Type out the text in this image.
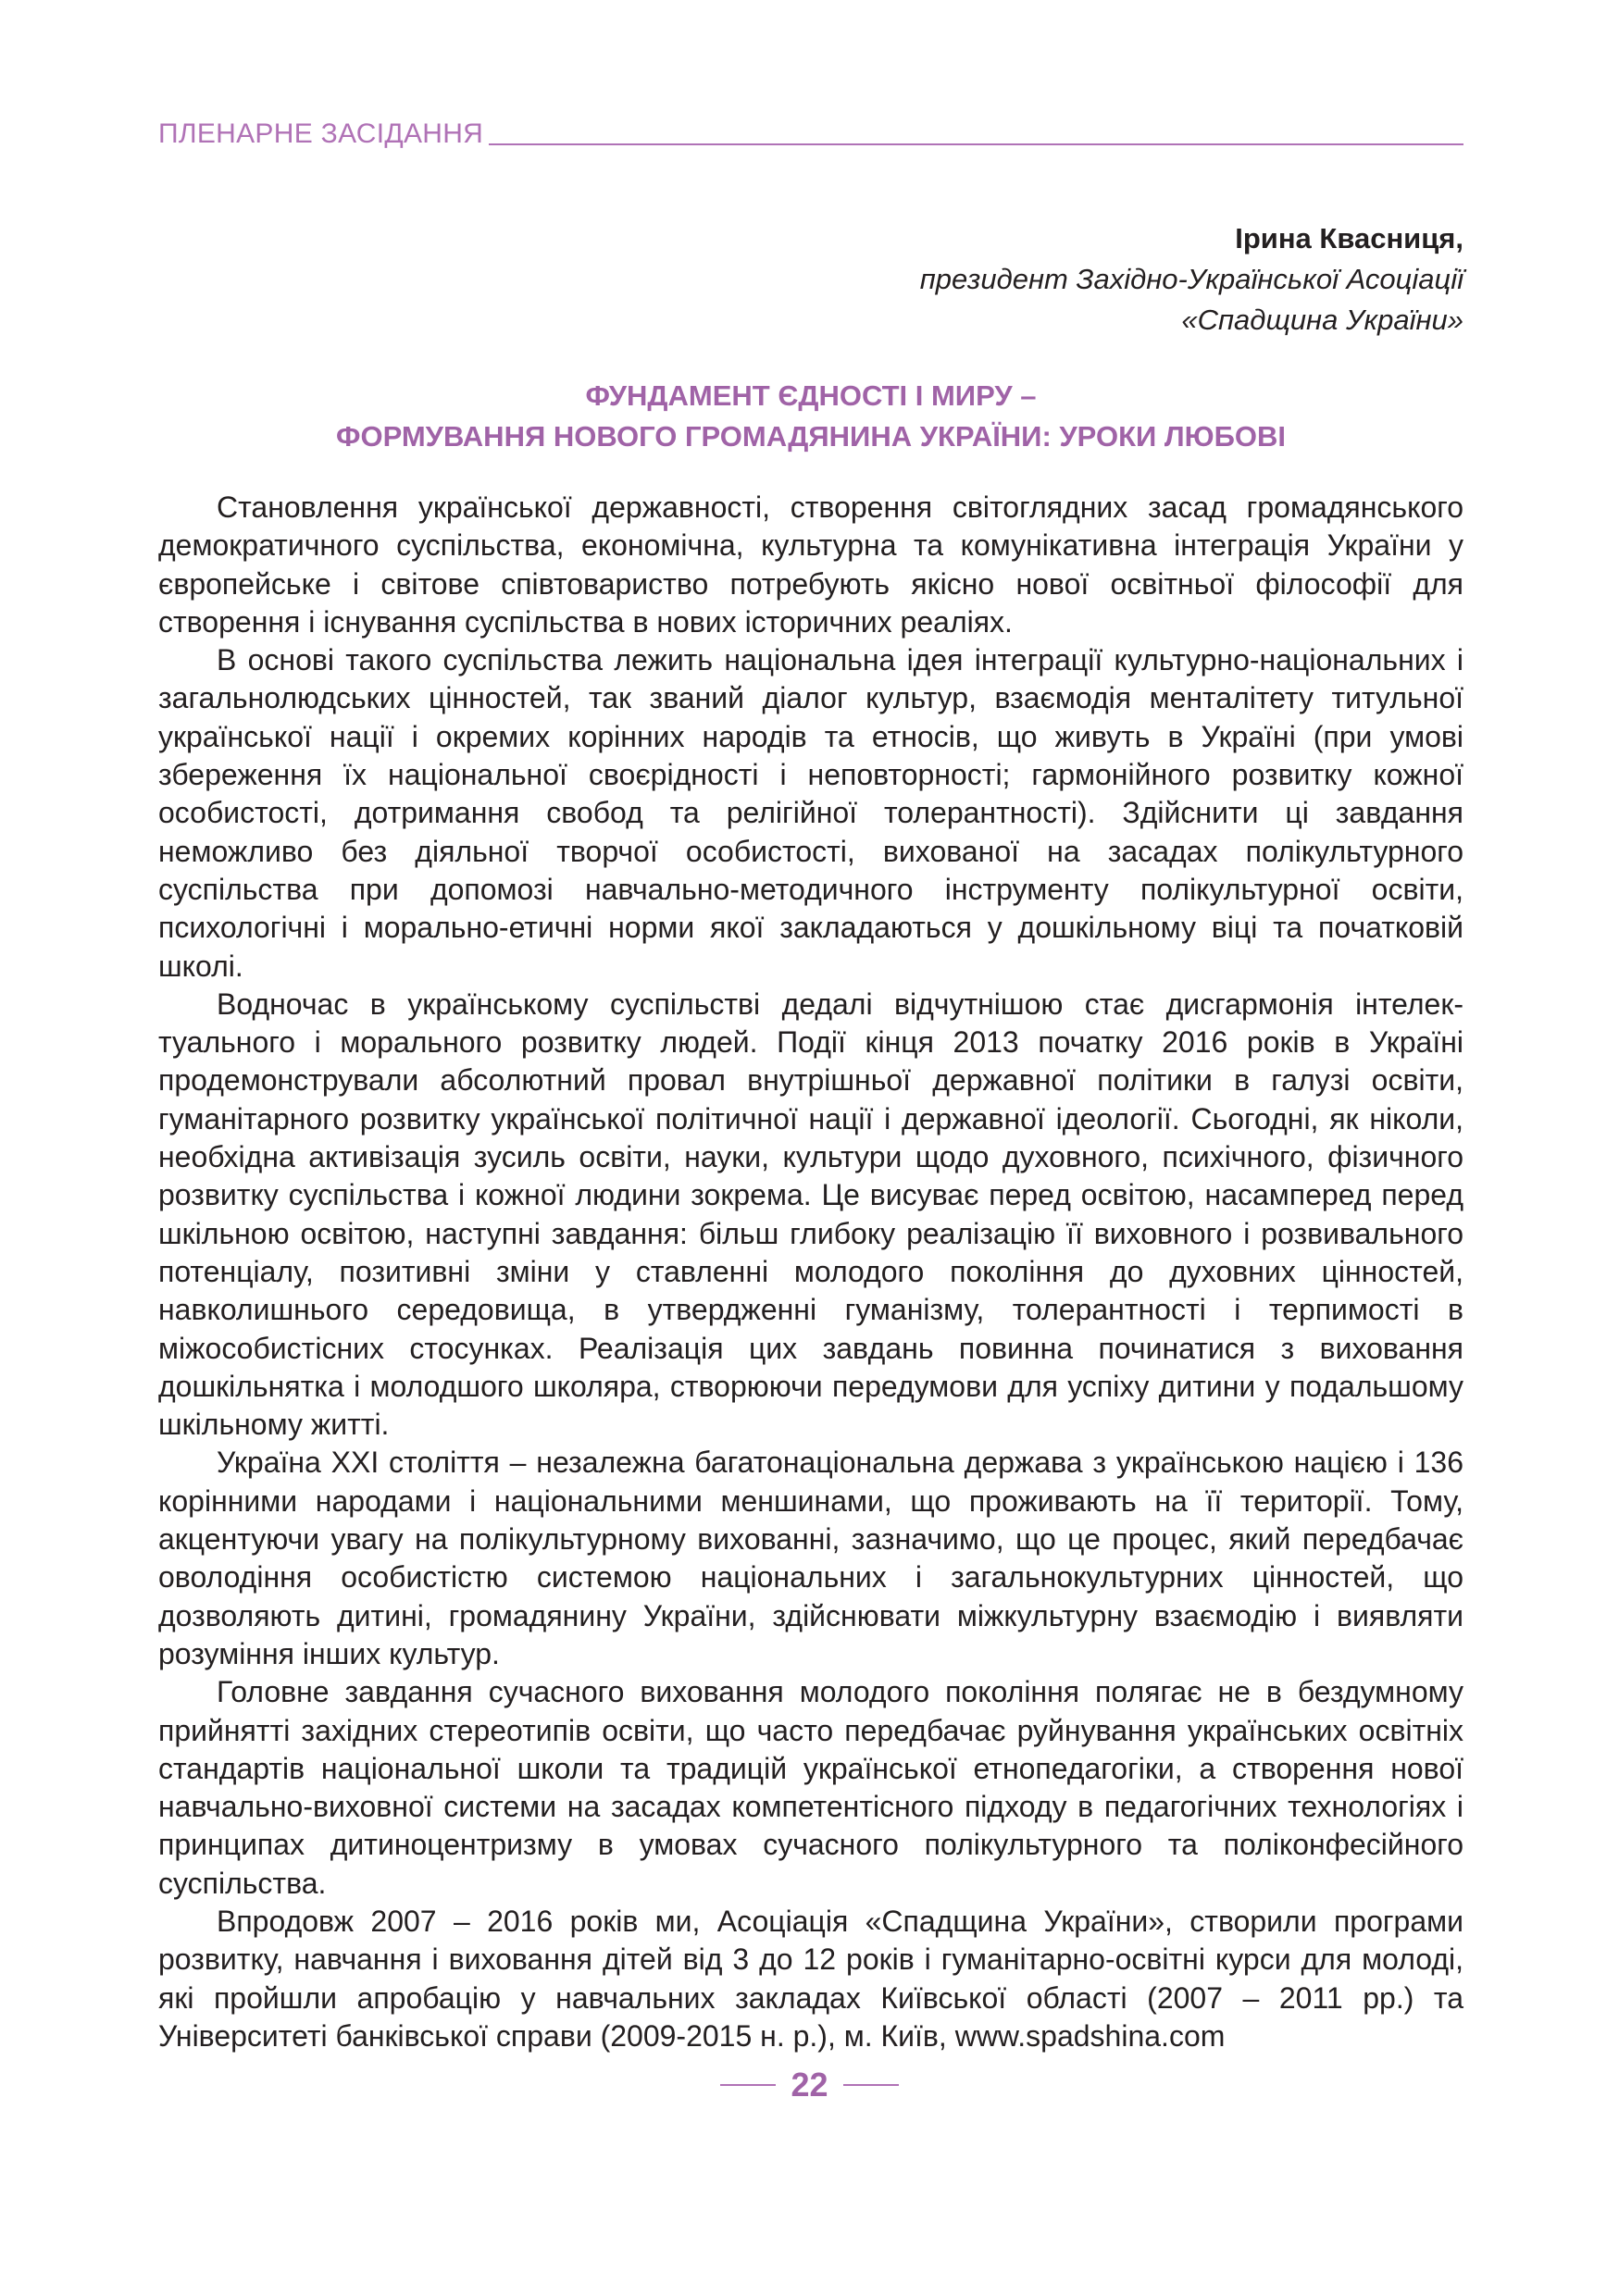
ПЛЕНАРНЕ ЗАСІДАННЯ
Ірина Квасниця,
президент Західно-Української Асоціації
«Спадщина України»
ФУНДАМЕНТ ЄДНОСТІ І МИРУ –
ФОРМУВАННЯ НОВОГО ГРОМАДЯНИНА УКРАЇНИ: УРОКИ ЛЮБОВІ

Становлення української державності, створення світоглядних засад громадянського демократичного суспільства, економічна, культурна та комунікативна інтеграція України у європейське і світове співтовариство потребують якісно нової освітньої філософії для створення і існування суспільства в нових історичних реаліях.

В основі такого суспільства лежить національна ідея інтеграції культурно-національних і загальнолюдських цінностей, так званий діалог культур, взаємодія менталітету титульної української нації і окремих корінних народів та етносів, що живуть в Україні (при умові збереження їх національної своєрідності і неповторності; гармонійного розвитку кожної особистості, дотримання свобод та релігійної толерантності). Здійснити ці завдання неможливо без діяльної творчої особистості, вихованої на засадах полікультурного суспільства при допомозі навчально-методичного інструменту полікультурної освіти, психологічні і морально-етичні норми якої закладаються у дошкільному віці та початковій школі.

Водночас в українському суспільстві дедалі відчутнішою стає дисгармонія інтелектуального і морального розвитку людей. Події кінця 2013 початку 2016 років в Україні продемонстрували абсолютний провал внутрішньої державної політики в галузі освіти, гуманітарного розвитку української політичної нації і державної ідеології. Сьогодні, як ніколи, необхідна активізація зусиль освіти, науки, культури щодо духовного, психічного, фізичного розвитку суспільства і кожної людини зокрема. Це висуває перед освітою, насамперед перед шкільною освітою, наступні завдання: більш глибоку реалізацію її виховного і розвивального потенціалу, позитивні зміни у ставленні молодого покоління до духовних цінностей, навколишнього середовища, в утвердженні гуманізму, толерантності і терпимості в міжособистісних стосунках. Реалізація цих завдань повинна починатися з виховання дошкільнятка і молодшого школяра, створюючи передумови для успіху дитини у подальшому шкільному житті.

Україна ХХІ століття – незалежна багатонаціональна держава з українською нацією і 136 корінними народами і національними меншинами, що проживають на її території. Тому, акцентуючи увагу на полікультурному вихованні, зазначимо, що це процес, який передбачає оволодіння особистістю системою національних і загальнокультурних цінностей, що дозволяють дитині, громадянину України, здійснювати міжкультурну взаємодію і виявляти розуміння інших культур.

Головне завдання сучасного виховання молодого покоління полягає не в бездумному прийнятті західних стереотипів освіти, що часто передбачає руйнування українських освітніх стандартів національної школи та традицій української етнопедагогіки, а створення нової навчально-виховної системи на засадах компетентісного підходу в педагогічних технологіях і принципах дитиноцентризму в умовах сучасного полікультурного та поліконфесійного суспільства.

Впродовж 2007 – 2016 років ми, Асоціація «Спадщина України», створили програми розвитку, навчання і виховання дітей від 3 до 12 років і гуманітарно-освітні курси для молоді, які пройшли апробацію у навчальних закладах Київської області (2007 – 2011 рр.) та Університеті банківської справи (2009-2015 н. р.), м. Київ, www.spadshina.com

22
